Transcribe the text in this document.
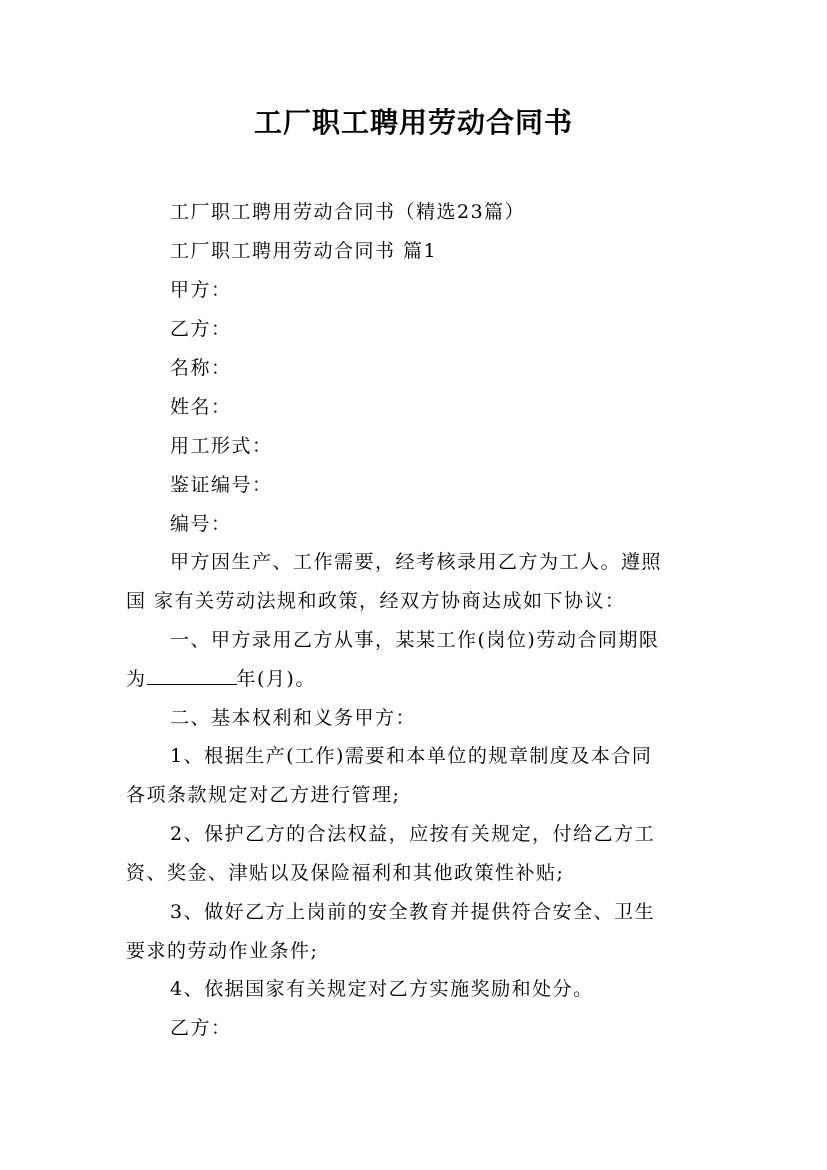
工厂职工聘用劳动合同书
工厂职工聘用劳动合同书（精选23篇）
工厂职工聘用劳动合同书 篇1
甲方：
乙方：
名称：
姓名：
用工形式：
鉴证编号：
编号：
甲方因生产、工作需要，经考核录用乙方为工人。遵照
国 家有关劳动法规和政策，经双方协商达成如下协议：
一、甲方录用乙方从事，某某工作(岗位)劳动合同期限
为	年(月)。
二、基本权利和义务甲方：
1、根据生产(工作)需要和本单位的规章制度及本合同
各项条款规定对乙方进行管理;
2、保护乙方的合法权益，应按有关规定，付给乙方工
资、奖金、津贴以及保险福利和其他政策性补贴;
3、做好乙方上岗前的安全教育并提供符合安全、卫生
要求的劳动作业条件;
4、依据国家有关规定对乙方实施奖励和处分。
乙方：
